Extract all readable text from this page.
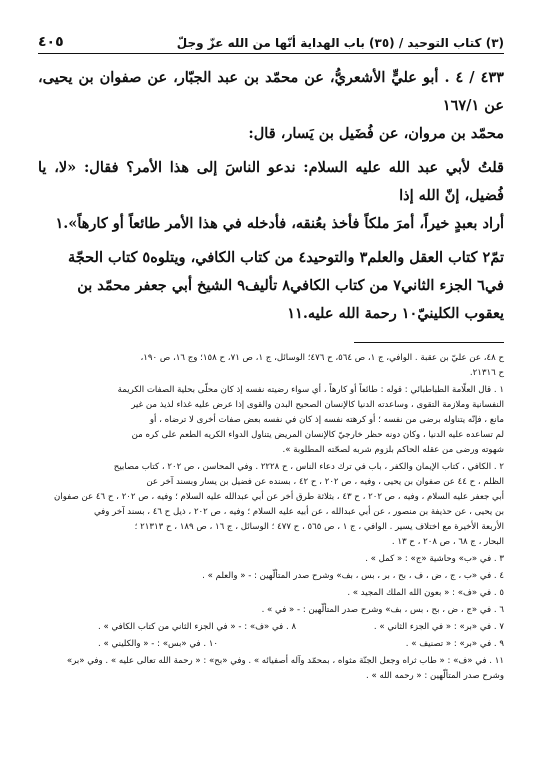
(٣) كتاب التوحيد / (٣٥) باب الهداية أنّها من الله عزّ وجلّ
٤٠٥

٤٣٣ / ٤ . أبو عليٍّ الأشعريُّ، عن محمّد بن عبد الجبّار، عن صفوان بن يحيى، عن ١٦٧/١

محمّد بن مروان، عن فُضَيل بن يَسار، قال:

قلتُ لأبي عبد الله عليه السلام: ندعو الناسَ إلى هذا الأمر؟ فقال: «لا، يا فُضيل، إنّ الله إذا

أراد بعبدٍ خيراً، أمرَ ملكاً فأخذ بعُنقه، فأدخله في هذا الأمر طائعاً أو كارهاً».١

تمّ٢ كتاب العقل والعلم٣ والتوحيد٤ من كتاب الكافي، ويتلوه٥ كتاب الحجّة

في٦ الجزء الثاني٧ من كتاب الكافي٨ تأليف٩ الشيخ أبي جعفر محمّد بن

يعقوب الكلينيّ١٠ رحمة الله عليه.١١

ح ٤٨، عن عليّ بن عقبة . الوافي، ج ١، ص ٥٦٤، ح ٤٧٦؛ الوسائل، ج ١، ص ٧١، ح ١٥٨؛ وج ١٦، ص ١٩٠،

ح ٢١٣١٦.

١ . قال العلّامة الطباطبائي : قوله : طائعاً أو كارهاً ، أي سواء رضيته نفسه إذ كان محلّى بحلية الصفات الكريمة

النفسانية وملازمة التقوى ، وساعدته الدنيا كالإنسان الصحيح البدن والقوى إذا عرض عليه غذاء لذيذ من غير

مانع ، فإنّه يتناوله برضى من نفسه ؛ أو كرهته نفسه إذ كان في نفسه بعض صفات أخرى لا ترضاه ، أو

لم تساعده عليه الدنيا ، وكان دونه حظر خارجيّ كالإنسان المريض يتناول الدواء الكريه الطعم على كره من

شهوته ورضى من عقله الحاكم بلزوم شربه لصحّته المطلوبة ».

٢ . الكافي ، كتاب الإيمان والكفر ، باب في ترك دعاء الناس ، ح ٢٢٢٨ . وفي المحاسن ، ص ٢٠٢ ، كتاب مصابيح

الظلم ، ح ٤٤ عن صفوان بن يحيى ، وفيه ، ص ٢٠٢ ، ح ٤٢ ، بسنده عن فضيل بن يسار وبسند آخر عن

أبي جعفر عليه السلام ، وفيه ، ص ٢٠٢ ، ح ٤٣ ، بثلاثة طرق أخر عن أبي عبدالله عليه السلام ؛ وفيه ، ص ٢٠٢ ، ح ٤٦ عن صفوان

بن يحيى ، عن حذيفة بن منصور ، عن أبي عبدالله ، عن أبيه عليه السلام ؛ وفيه ، ص ٢٠٢ ، ذيل ح ٤٦ ، بسند آخر وفي

الأربعة الأخيرة مع اختلاف يسير . الوافي ، ج ١ ، ص ٥٦٥ ، ح ٤٧٧ ؛ الوسائل ، ج ١٦ ، ص ١٨٩ ، ح ٢١٣١٣ ؛

البحار ، ج ٦٨ ، ص ٢٠٨ ، ح ١٣ .

٣ . في «ب» وحاشية «ج» : « كمل » .

٤ . في «ب ، ج ، ض ، ف ، بح ، بر ، بس ، بف» وشرح صدر المتألّهين : - « والعلم » .

٥ . في «ف» : « بعون الله الملك المجيد » .

٦ . في «ج ، ض ، بح ، بس ، بف» وشرح صدر المتألّهين : - « في » .

٧ . في «بر» : « في الجزء الثاني » .
٨ . في «ف» : - « في الجزء الثاني من كتاب الكافي » .
٩ . في «بر» : « تصنيف » .
١٠ . في «بس» : - « والكليني » .

١١ . في «ف» : « طاب ثراه وجعل الجنّة مثواه ، بمحمّد وآله أصفيائه » . وفي «بح» : « رحمة الله تعالى عليه » . وفي «بر»

وشرح صدر المتألّهين : « رحمه الله » .
